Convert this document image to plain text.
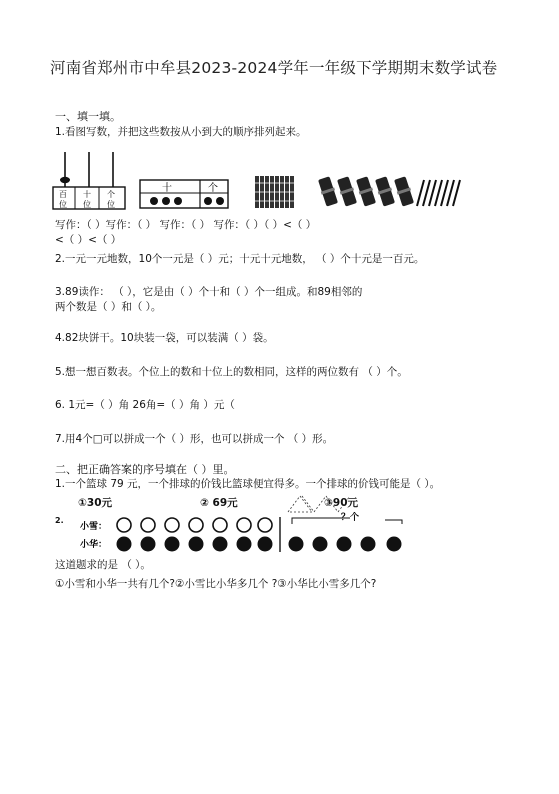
河南省郑州市中牟县2023-2024学年一年级下学期期末数学试卷
一、填一填。
1.看图写数，并把这些数按从小到大的顺序排列起来。
百
位
十
位
个
位
十	个
写作：（ ）写作：（ ） 写作：（ ） 写作：（ ）（ ）<（ ）
<（ ）<（ ）
2.一元一元地数，10个一元是（ ）元；十元十元地数， （ ）个十元是一百元。
3.89读作： （ ），它是由（ ）个十和（ ）个一组成。和89相邻的
两个数是（ ）和（ ）。
4.82块饼干。10块装一袋，可以装满（ ）袋。
5.想一想百数表。个位上的数和十位上的数相同，这样的两位数有 （ ）个。
6. 1元=（ ）角 26角=（ ）角 ）元（
7.用4个□可以拼成一个（ ）形，也可以拼成一个 （ ）形。
二、把正确答案的序号填在（ ）里。
1.一个篮球 79 元，一个排球的价钱比篮球便宜得多。一个排球的价钱可能是（ ）。
①30元	② 69元	③90元
2.	？个
小雪：
小华：
这道题求的是 （ ）。
①小雪和小华一共有几个?②小雪比小华多几个 ?③小华比小雪多几个?
